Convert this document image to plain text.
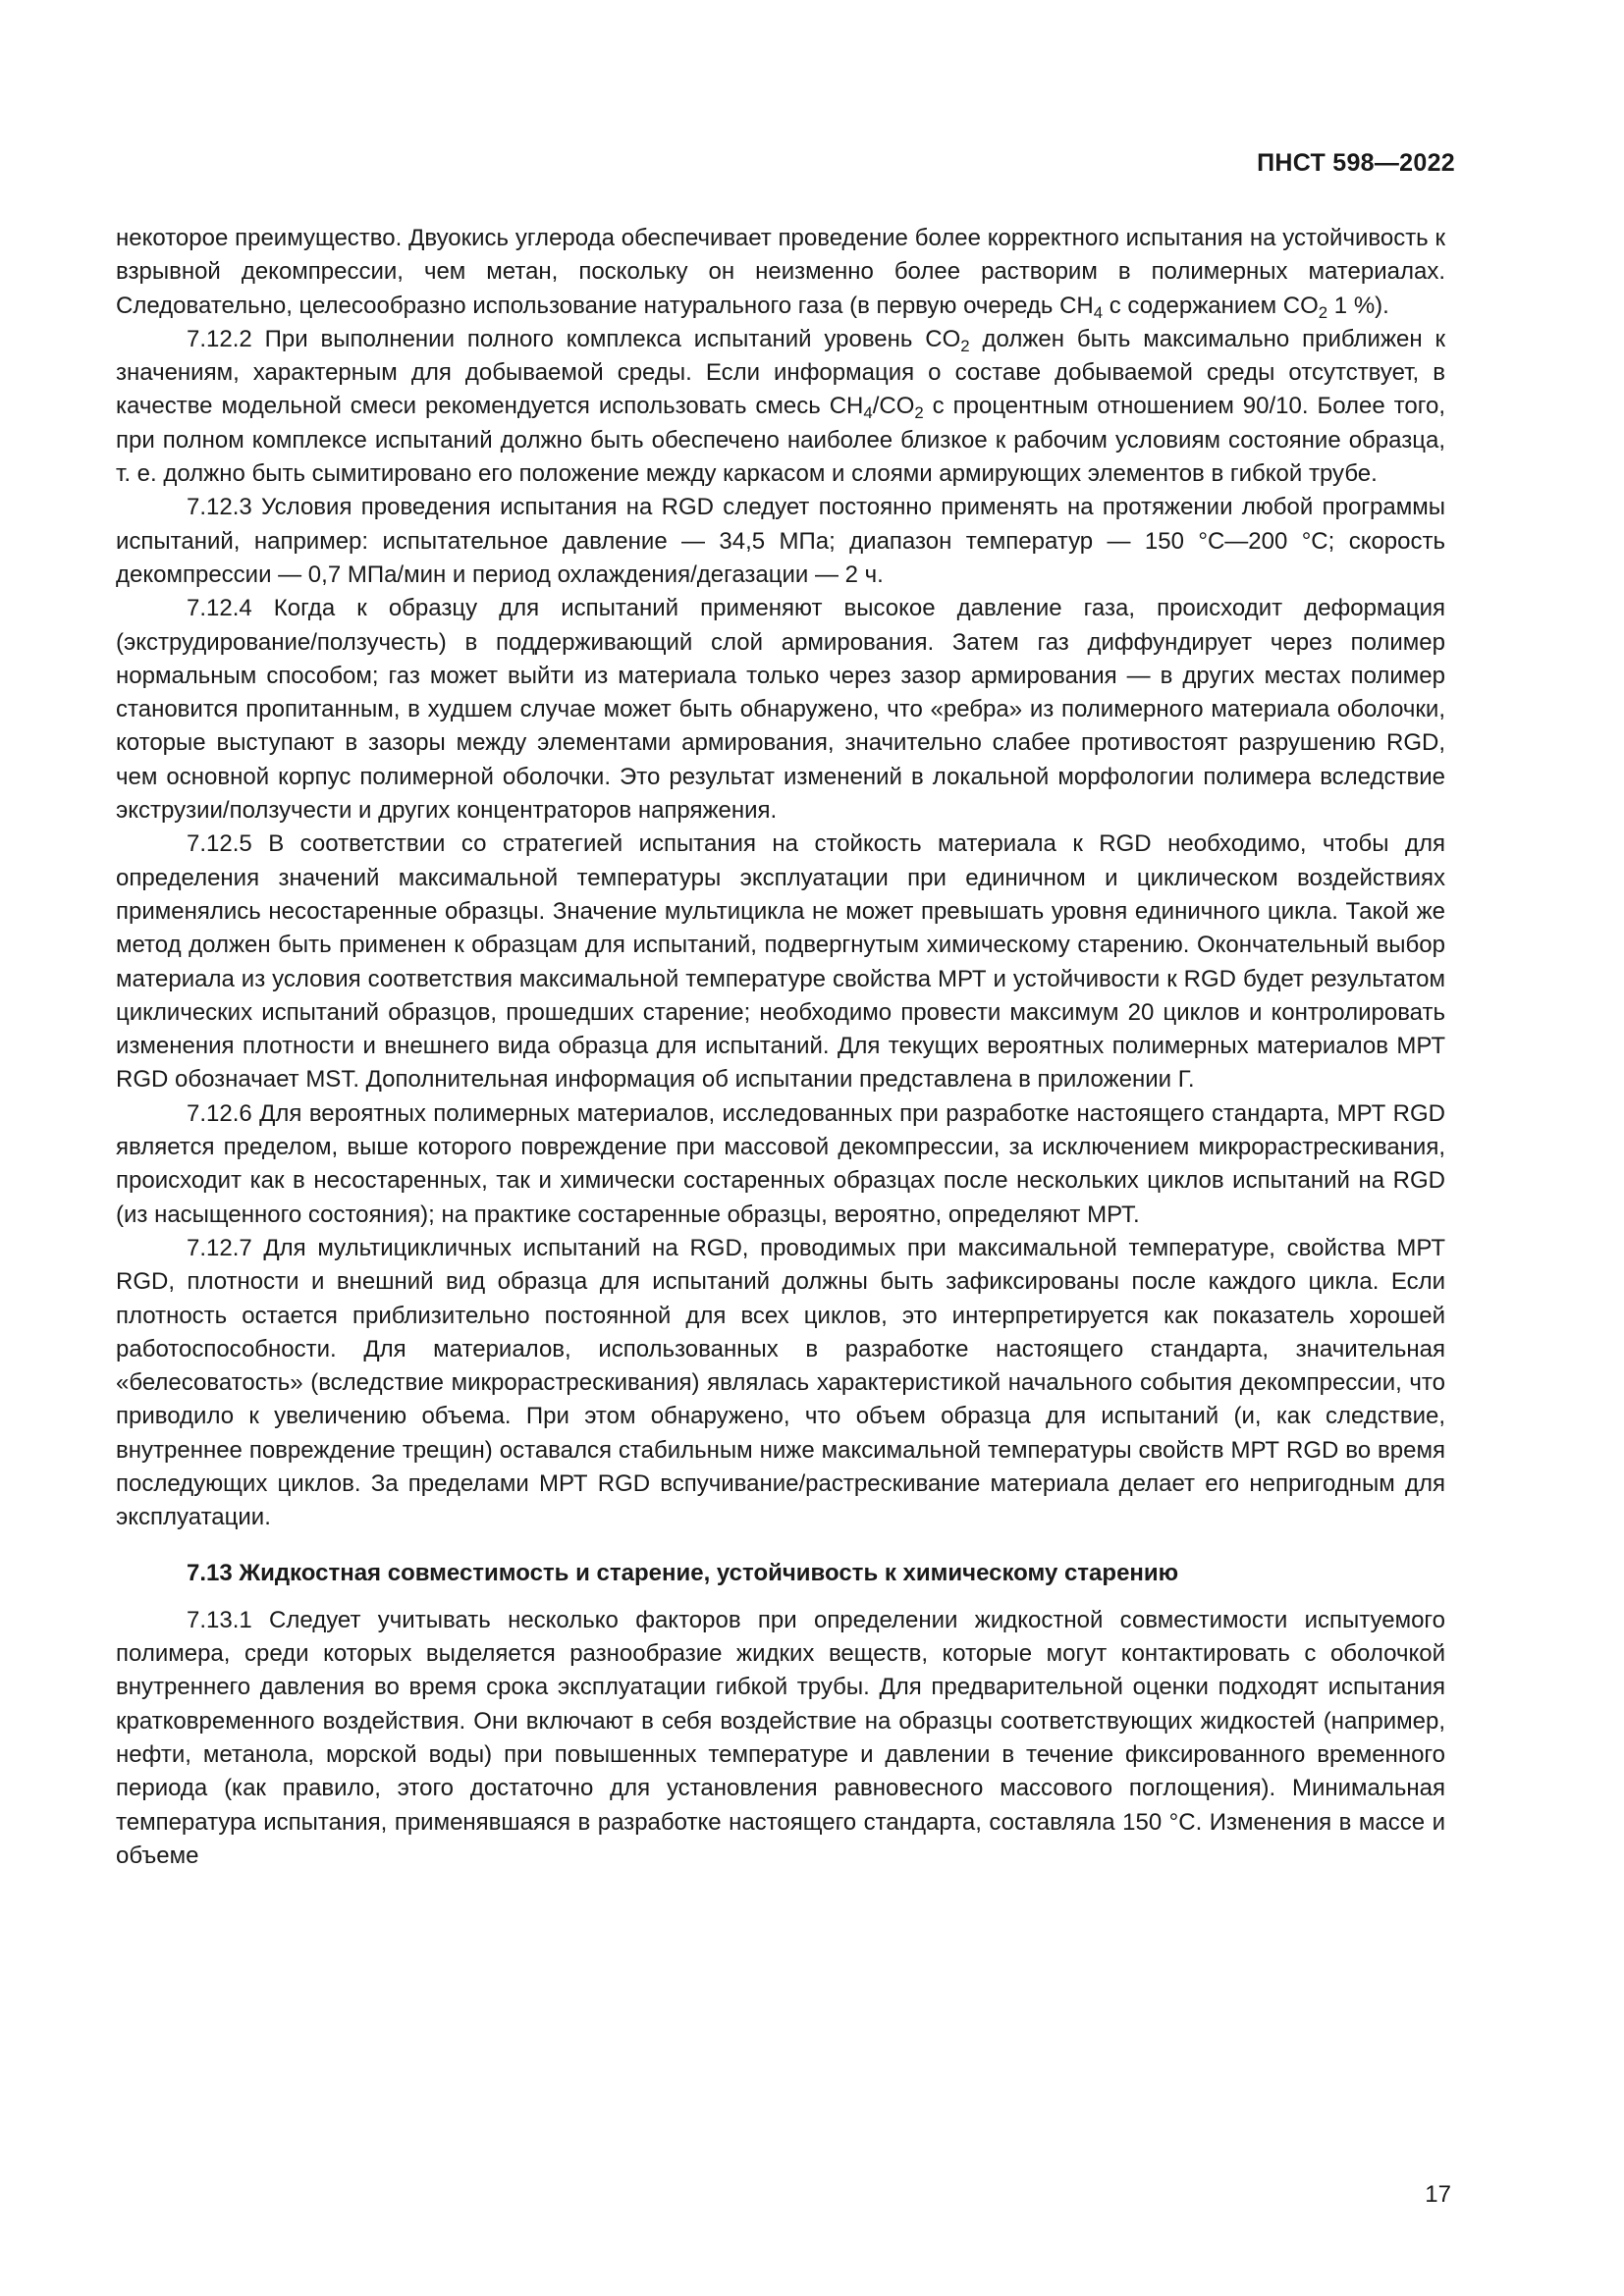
ПНСТ 598—2022

некоторое преимущество. Двуокись углерода обеспечивает проведение более корректного испытания на устойчивость к взрывной декомпрессии, чем метан, поскольку он неизменно более растворим в полимерных материалах. Следовательно, целесообразно использование натурального газа (в первую очередь $CH_4$ с содержанием $CO_2$ 1 %).

7.12.2 При выполнении полного комплекса испытаний уровень $CO_2$ должен быть максимально приближен к значениям, характерным для добываемой среды. Если информация о составе добываемой среды отсутствует, в качестве модельной смеси рекомендуется использовать смесь $CH_4/CO_2$ с процентным отношением 90/10. Более того, при полном комплексе испытаний должно быть обеспечено наиболее близкое к рабочим условиям состояние образца, т. е. должно быть сымитировано его положение между каркасом и слоями армирующих элементов в гибкой трубе.

7.12.3 Условия проведения испытания на RGD следует постоянно применять на протяжении любой программы испытаний, например: испытательное давление — 34,5 МПа; диапазон температур — 150 °С—200 °С; скорость декомпрессии — 0,7 МПа/мин и период охлаждения/дегазации — 2 ч.

7.12.4 Когда к образцу для испытаний применяют высокое давление газа, происходит деформация (экструдирование/ползучесть) в поддерживающий слой армирования. Затем газ диффундирует через полимер нормальным способом; газ может выйти из материала только через зазор армирования — в других местах полимер становится пропитанным, в худшем случае может быть обнаружено, что «ребра» из полимерного материала оболочки, которые выступают в зазоры между элементами армирования, значительно слабее противостоят разрушению RGD, чем основной корпус полимерной оболочки. Это результат изменений в локальной морфологии полимера вследствие экструзии/ползучести и других концентраторов напряжения.

7.12.5 В соответствии со стратегией испытания на стойкость материала к RGD необходимо, чтобы для определения значений максимальной температуры эксплуатации при единичном и циклическом воздействиях применялись несостаренные образцы. Значение мультицикла не может превышать уровня единичного цикла. Такой же метод должен быть применен к образцам для испытаний, подвергнутым химическому старению. Окончательный выбор материала из условия соответствия максимальной температуре свойства МРТ и устойчивости к RGD будет результатом циклических испытаний образцов, прошедших старение; необходимо провести максимум 20 циклов и контролировать изменения плотности и внешнего вида образца для испытаний. Для текущих вероятных полимерных материалов МРТ RGD обозначает MST. Дополнительная информация об испытании представлена в приложении Г.

7.12.6 Для вероятных полимерных материалов, исследованных при разработке настоящего стандарта, МРТ RGD является пределом, выше которого повреждение при массовой декомпрессии, за исключением микрорастрескивания, происходит как в несостаренных, так и химически состаренных образцах после нескольких циклов испытаний на RGD (из насыщенного состояния); на практике состаренные образцы, вероятно, определяют МРТ.

7.12.7 Для мультицикличных испытаний на RGD, проводимых при максимальной температуре, свойства МРТ RGD, плотности и внешний вид образца для испытаний должны быть зафиксированы после каждого цикла. Если плотность остается приблизительно постоянной для всех циклов, это интерпретируется как показатель хорошей работоспособности. Для материалов, использованных в разработке настоящего стандарта, значительная «белесоватость» (вследствие микрорастрескивания) являлась характеристикой начального события декомпрессии, что приводило к увеличению объема. При этом обнаружено, что объем образца для испытаний (и, как следствие, внутреннее повреждение трещин) оставался стабильным ниже максимальной температуры свойств МРТ RGD во время последующих циклов. За пределами МРТ RGD вспучивание/растрескивание материала делает его непригодным для эксплуатации.

7.13 Жидкостная совместимость и старение, устойчивость к химическому старению

7.13.1 Следует учитывать несколько факторов при определении жидкостной совместимости испытуемого полимера, среди которых выделяется разнообразие жидких веществ, которые могут контактировать с оболочкой внутреннего давления во время срока эксплуатации гибкой трубы. Для предварительной оценки подходят испытания кратковременного воздействия. Они включают в себя воздействие на образцы соответствующих жидкостей (например, нефти, метанола, морской воды) при повышенных температуре и давлении в течение фиксированного временного периода (как правило, этого достаточно для установления равновесного массового поглощения). Минимальная температура испытания, применявшаяся в разработке настоящего стандарта, составляла 150 °С. Изменения в массе и объеме

17
